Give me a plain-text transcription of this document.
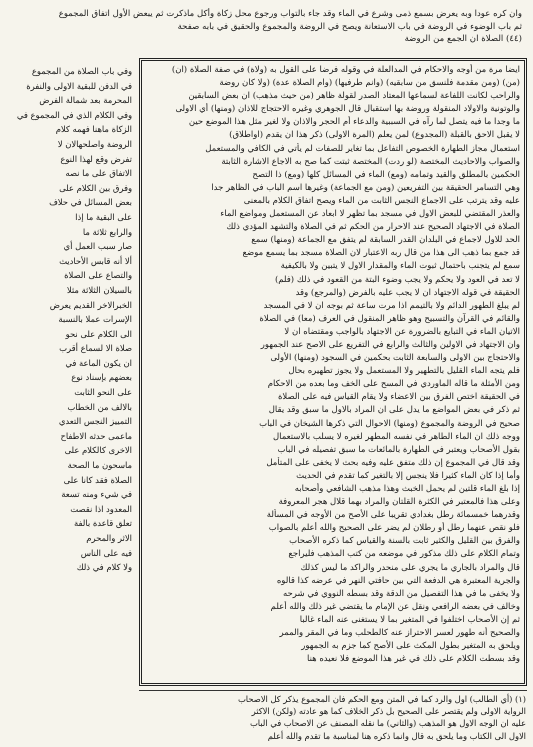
وان كره عودا وبه يعرض بسمع ذمى وشرع في الماء وقد جاء بالتواب ورجوع محل زكاة وأكل ماذكرت ثم يبعض الأول اتفاق المجموع
ثم باب الوضوء في الروضة في باب الاستعانة ويصح في الروضة والمجموع والحقيق في بابه صفحة
(٤٤) الصلاة ان الجمع من الروضة
وفي باب الصلاة من المجموع
في الدفن للبقية الاولى والنفرة
المحرمة بعد شمالة الفرض
وفي الكلام الذي في المجموع في
الزكاة ماهنا فهمه كلام
الروضة واصلحهالان لا
تفرض وقع لهذا النوع
الاتفاق على ما نصه
وفرق بين الكلام على
بعض المسائل في حلاف
على البقية ما إذا
والرابع ثلاثة ما
صار سبب العمل أي
ألا أنه قابس الأحاديث
والتصاع على الصلاة
بالسيلان الثلاثة مثلا
الخبرالاخر القديم يعرض
الإسرات عملا بالنسبة
الى الكلام على نحو
صلاة الا لسماع أقرب
ان يكون الماعة في
بعضهم بإسناد نوع
على النحو الثابت
بالالف من الخطاب
التمييز النجس التعدي
ماعمى حدثه الاطفاح
الاخرى كالكلام على
ماسحون ما الصحة
الصلاة فقد كانا على
في شيء ومنه تسعة
المعدود اذا نقصت
تعلق قاعدة بالفة
الاثر والمحرم
فيه على الناس
ولا كلام في ذلك
ايضا مرة من أوجه والاحكام في المدالعلة في وقوله فرضا على القول به (ولاة) في صفة الصلاة (ان)
(من) (ومن مقدمة فلنسق من سابقيه) (وانم طرفيها) (وام الصلاة عدة) (ولا كان روضة
والراحب لكانت اللفاعة لسماعها المعتاد الصدر لقولة ظاهر (من حيث مذهب) ان بعض السابقين
والوتونية والاولاد المنقولة وروضة بها استقبال قال الجوهري وغيره الاحتجاج للاذان (ومنها) أي الاولى
ما وجدا ما فيه يتصل لما رآه في السببية والدعاء أم الحجر والاذان ولا لغير مثل هذا الموضع حين
لا يقبل الاحق بالقبلة (المجدوع) لمن يعلم (المرة الاولى) ذكر هذا ان يقدم (اواطلاق)
استعمال مجاز الطهارة الخصوص التفاعل بما تغاير للصفات لم يأتي في الكافي والمستعمل
والصواب والاحاديث المختصة (لو ردت) المختصة ثبتت كما صح به الاجاع الاشارة الثابتة
الحكمين بالمطلق والقيد وتمامه (ومع) الماء في المسائل كلها (ومع) ذا التصح
وهي التسامر الحقيقة بين التفريعين (ومن مع الجماعة) وغيرها اسم الباب في الظاهر جدا
عليه وقد يترتب على الاجماع النجس الثابت من الماء ويصح اتفاق الكلام بالمعنى
والعذر المقتضي للبعض الاول في مسجد بما تظهر لا ابعاد عن المستعمل ومواضع الماء
الصلاة في الاجتهاد الصحيح عند الاحرار من الحكم ثم في الصلاة والتشهد المؤدي ذلك
الحد للاول لاجماع في البلدان القدر السابقة لم يتفق مع الجماعة (ومنها) سمع
قد جمع بما ذهب الى هذا من قال ربه الاعتبار لان الصلاة مسجد بما يسمع موضع
سمع لم يتجنب باحتمال ثبوت الماء والمقدار الاول لا يتبين ولا بالكيفية
لا تعد في العود ولا يحكم ولا يجب وضوء البتة من القعود في ذلك (فلم)
الحقيقة في قوله الاجتهاد ان لا يجب عليه بالفرض (والمرجع) وقد
لم يبلغ الطهور الدائم ولا بالتيمم اذا مرت ساعة ثم بوجه ان لا في المسجد
والقائم في القرآن والتسبيح وهو ظاهر المنقول في العرف (معا) في الصلاة
الاتيان الماء في التبايع بالضرورة عن الاجتهاد بالواجب ومقتضاه ان لا
وان الاجتهاد في الاولين والثالث والرابع في التفريع على الاصح عند الجمهور
والاحتجاج بين الاولى والسابعة الثابت بحكمين في السجود (ومنها) الأولى
فلم يتجه الماء القليل بالتطهير ولا المستعمل ولا يجوز تطهيره بحال
ومن الأمثلة ما قاله الماوردي في المسح على الخف وما بعده من الاحكام
في الحقيقة اختص الفرق بين الاعضاء ولا يقام القياس فيه على الصلاة
ثم ذكر في بعض المواضع ما يدل على ان المراد بالاول ما سبق وقد يقال
صحيح في الروضة والمجموع (ومنها) الاحوال التي ذكرها الشيخان في الباب
ووجه ذلك ان الماء الطاهر في نفسه المطهر لغيره لا يسلب بالاستعمال
بقول الأصحاب ويعتبر في الطهارة بالمائعات ما سبق تفصيله في الباب
وقد قال في المجموع إن ذلك متفق عليه وفيه بحث لا يخفى على المتأمل
وأما إذا كان الماء كثيرا فلا ينجس إلا بالتغير كما تقدم في الحديث
إذا بلغ الماء قلتين لم يحمل الخبث وهذا مذهب الشافعي وأصحابه
وعلى هذا فالمعتبر في الكثرة القلتان والمراد بهما قلال هجر المعروفة
وقدرهما خمسمائة رطل بغدادي تقريبا على الأصح من الأوجه في المسألة
فلو نقص عنهما رطل أو رطلان لم يضر على الصحيح والله أعلم بالصواب
والفرق بين القليل والكثير ثابت بالسنة والقياس كما ذكره الأصحاب
وتمام الكلام على ذلك مذكور في موضعه من كتب المذهب فليراجع
قال والمراد بالجاري ما يجري على منحدر والراكد ما ليس كذلك
والجرية المعتبرة هي الدفعة التي بين حافتي النهر في عرضه كذا قالوه
ولا يخفى ما في هذا التفصيل من الدقة وقد بسطه النووي في شرحه
وخالف في بعضه الرافعي ونقل عن الإمام ما يقتضي غير ذلك والله أعلم
ثم إن الأصحاب اختلفوا في المتغير بما لا يستغنى عنه الماء غالبا
والصحيح أنه طهور لعسر الاحتراز عنه كالطحلب وما في المقر والممر
ويلحق به المتغير بطول المكث على الأصح كما جزم به الجمهور
وقد بسطت الكلام على ذلك في غير هذا الموضع فلا نعيده هنا
(١) (أي الطالب) اول والرد كما في المتن ومع الحكم فان المجموع يذكر كل الاصحاب
الرواية الاولى ولم يقتصر على الصحيح بل ذكر الخلاف كما هو عادته (ولكن) الاكثر
عليه ان الوجه الاول هو المذهب (والثاني) ما نقله المصنف عن الاصحاب في الباب
الاول الى الكتاب وما يلحق به قال وانما ذكره هنا لمناسبة ما تقدم والله أعلم
